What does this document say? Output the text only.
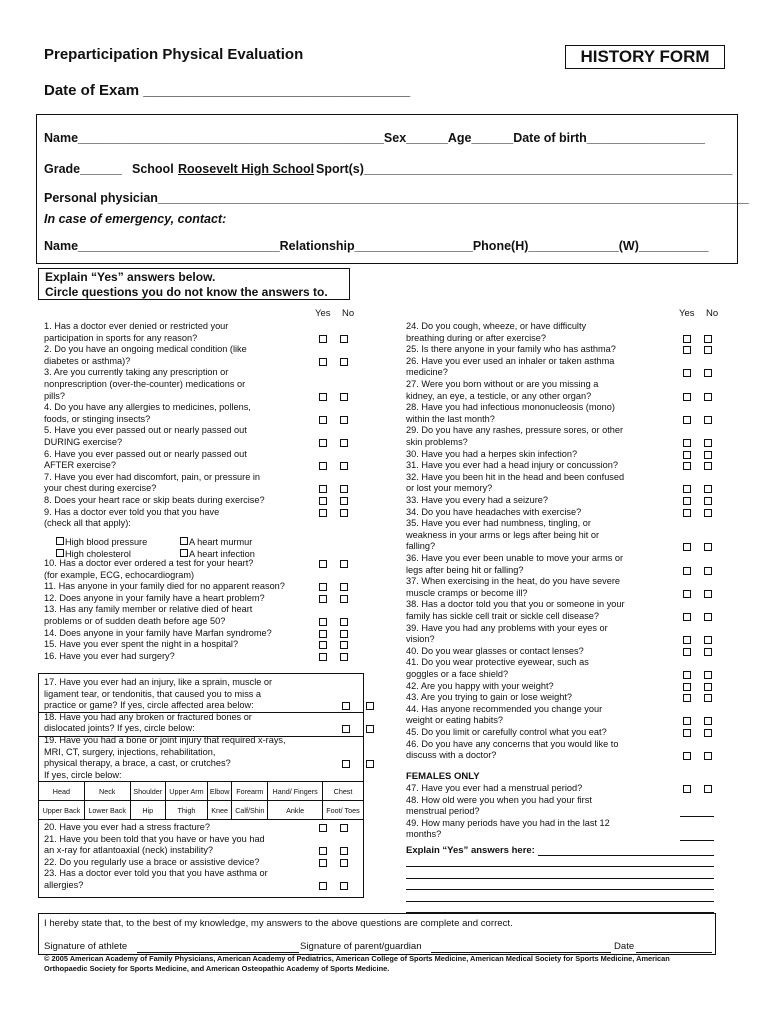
Preparticipation Physical Evaluation	HISTORY FORM
Date of Exam ________________________________
Name____________________________________________Sex______Age______Date of birth_________________
Grade______ School Roosevelt High School Sport(s)_____________________________________________________
Personal physician_____________________________________________________________________________________
In case of emergency, contact:
Name_____________________________Relationship_________________Phone(H)_____________(W)__________
Explain “Yes” answers below.
Circle questions you do not know the answers to.
Yes No	Yes No
1. Has a doctor ever denied or restricted your
participation in sports for any reason?
2. Do you have an ongoing medical condition (like
diabetes or asthma)?
3. Are you currently taking any prescription or
nonprescription (over-the-counter) medications or
pills?
4. Do you have any allergies to medicines, pollens,
foods, or stinging insects?
5. Have you ever passed out or nearly passed out
DURING exercise?
6. Have you ever passed out or nearly passed out
AFTER exercise?
7. Have you ever had discomfort, pain, or pressure in
your chest during exercise?
8. Does your heart race or skip beats during exercise?
9. Has a doctor ever told you that you have
(check all that apply):
High blood pressure	A heart murmur
High cholesterol	A heart infection
10. Has a doctor ever ordered a test for your heart?
(for example, ECG, echocardiogram)
11. Has anyone in your family died for no apparent reason?
12. Does anyone in your family have a heart problem?
13. Has any family member or relative died of heart
problems or of sudden death before age 50?
14. Does anyone in your family have Marfan syndrome?
15. Have you ever spent the night in a hospital?
16. Have you ever had surgery?
17. Have you ever had an injury, like a sprain, muscle or
ligament tear, or tendonitis, that caused you to miss a
practice or game? If yes, circle affected area below:
18. Have you had any broken or fractured bones or
dislocated joints? If yes, circle below:
19. Have you had a bone or joint injury that required x-rays,
MRI, CT, surgery, injections, rehabilitation,
physical therapy, a brace, a cast, or crutches?
If yes, circle below:
Head	Neck	Shoulder	Upper Arm	Elbow	Forearm	Hand/ Fingers	Chest
Upper Back	Lower Back	Hip	Thigh	Knee	Calf/Shin	Ankle	Foot/ Toes
20. Have you ever had a stress fracture?
21. Have you been told that you have or have you had
an x-ray for atlantoaxial (neck) instability?
22. Do you regularly use a brace or assistive device?
23. Has a doctor ever told you that you have asthma or
allergies?
24. Do you cough, wheeze, or have difficulty
breathing during or after exercise?
25. Is there anyone in your family who has asthma?
26. Have you ever used an inhaler or taken asthma
medicine?
27. Were you born without or are you missing a
kidney, an eye, a testicle, or any other organ?
28. Have you had infectious mononucleosis (mono)
within the last month?
29. Do you have any rashes, pressure sores, or other
skin problems?
30. Have you had a herpes skin infection?
31. Have you ever had a head injury or concussion?
32. Have you been hit in the head and been confused
or lost your memory?
33. Have you every had a seizure?
34. Do you have headaches with exercise?
35. Have you ever had numbness, tingling, or
weakness in your arms or legs after being hit or
falling?
36. Have you ever been unable to move your arms or
legs after being hit or falling?
37. When exercising in the heat, do you have severe
muscle cramps or become ill?
38. Has a doctor told you that you or someone in your
family has sickle cell trait or sickle cell disease?
39. Have you had any problems with your eyes or
vision?
40. Do you wear glasses or contact lenses?
41. Do you wear protective eyewear, such as
goggles or a face shield?
42. Are you happy with your weight?
43. Are you trying to gain or lose weight?
44. Has anyone recommended you change your
weight or eating habits?
45. Do you limit or carefully control what you eat?
46. Do you have any concerns that you would like to
discuss with a doctor?
FEMALES ONLY
47. Have you ever had a menstrual period?
48. How old were you when you had your first
menstrual period?
49. How many periods have you had in the last 12
months?
Explain “Yes” answers here:
I hereby state that, to the best of my knowledge, my answers to the above questions are complete and correct.
Signature of athlete	Signature of parent/guardian	Date
© 2005 American Academy of Family Physicians, American Academy of Pediatrics, American College of Sports Medicine, American Medical Society for Sports Medicine, American
Orthopaedic Society for Sports Medicine, and American Osteopathic Academy of Sports Medicine.
